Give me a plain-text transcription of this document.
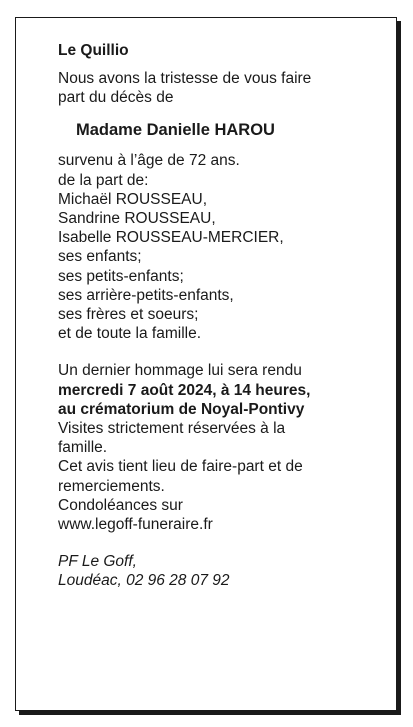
Le Quillio

Nous avons la tristesse de vous faire

part du décès de

Madame Danielle HAROU

survenu à l’âge de 72 ans.

de la part de:

Michaël ROUSSEAU,

Sandrine ROUSSEAU,

Isabelle ROUSSEAU-MERCIER,

ses enfants;

ses petits-enfants;

ses arrière-petits-enfants,

ses frères et soeurs;

et de toute la famille.

Un dernier hommage lui sera rendu

mercredi 7 août 2024, à 14 heures,

au crématorium de Noyal-Pontivy

Visites strictement réservées à la

famille.

Cet avis tient lieu de faire-part et de

remerciements.

Condoléances sur

www.legoff-funeraire.fr

PF Le Goff,

Loudéac, 02 96 28 07 92
